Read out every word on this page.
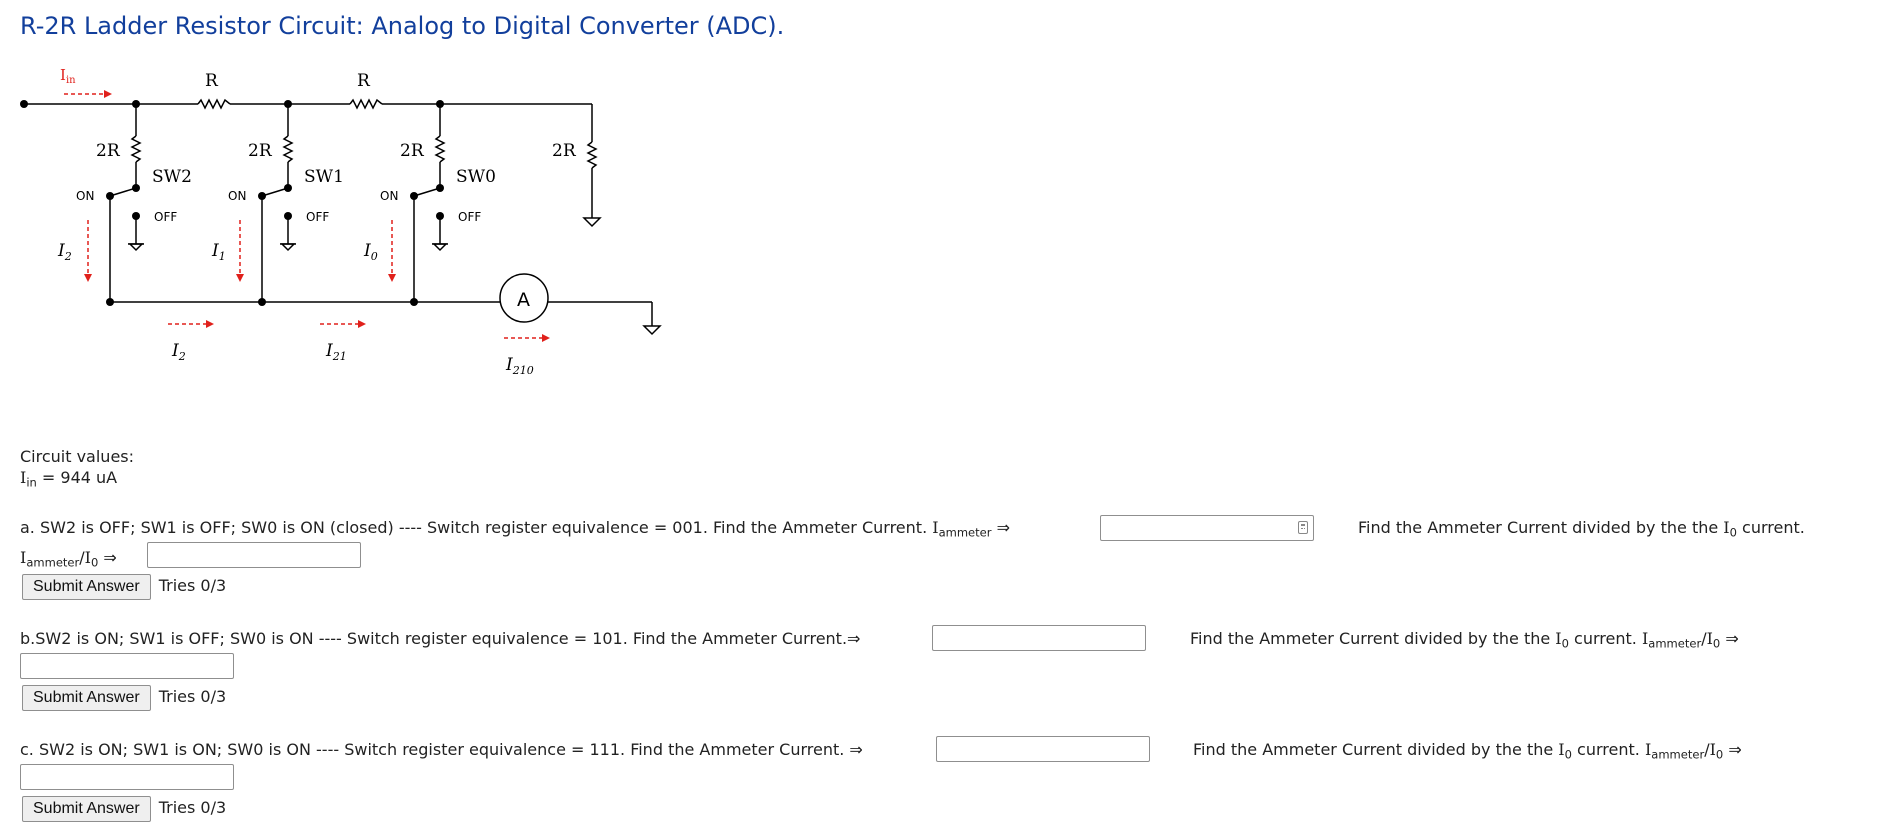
R-2R Ladder Resistor Circuit: Analog to Digital Converter (ADC).
$I_{in}$	R	R
2R	2R	2R	2R
SW2	SW1	SW0
ON	ON	ON
OFF	OFF	OFF
$I_2$	$I_1$	$I_0$
$I_2$	$I_{21}$	$I_{210}$
A
Circuit values:
$I_{in} = 944$ uA
a. SW2 is OFF; SW1 is OFF; SW0 is ON (closed) ---- Switch register equivalence = 001. Find the Ammeter Current. $I_{ammeter}$ ⇒	Find the Ammeter Current divided by the the $I_0$ current.
$I_{ammeter}/I_0$ ⇒
Submit Answer Tries 0/3
b.SW2 is ON; SW1 is OFF; SW0 is ON ---- Switch register equivalence = 101. Find the Ammeter Current.⇒	Find the Ammeter Current divided by the the $I_0$ current. $I_{ammeter}/I_0$ ⇒
Submit Answer Tries 0/3
c. SW2 is ON; SW1 is ON; SW0 is ON ---- Switch register equivalence = 111. Find the Ammeter Current. ⇒	Find the Ammeter Current divided by the the $I_0$ current. $I_{ammeter}/I_0$ ⇒
Submit Answer Tries 0/3
